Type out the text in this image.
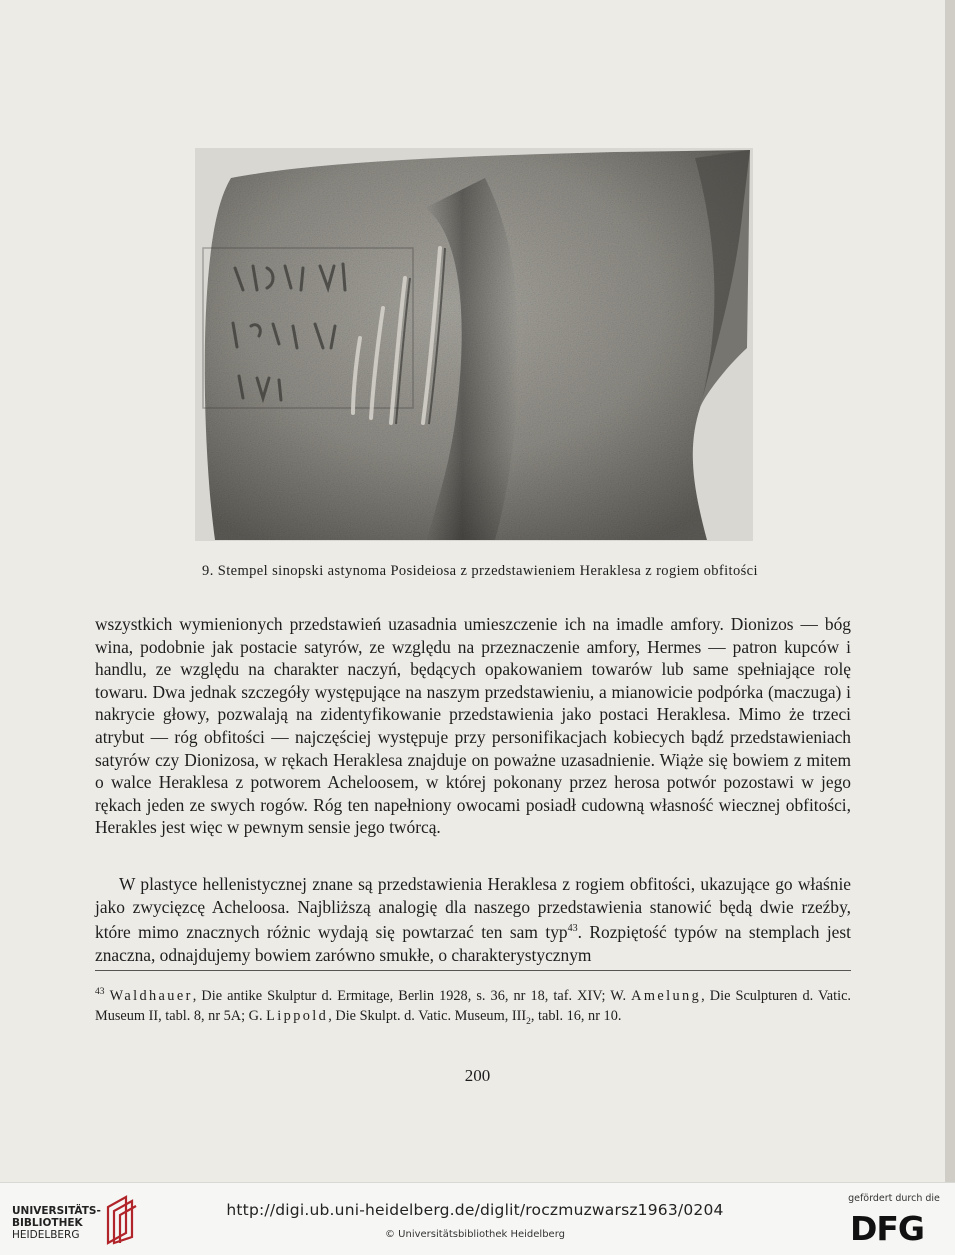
9. Stempel sinopski astynoma Posideiosa z przedstawieniem Heraklesa z rogiem obfitości

wszystkich wymienionych przedstawień uzasadnia umieszczenie ich na imadle amfory. Dionizos — bóg wina, podobnie jak postacie satyrów, ze względu na przeznaczenie amfory, Hermes — patron kupców i handlu, ze względu na charakter naczyń, będących opakowaniem towarów lub same spełniające rolę towaru. Dwa jednak szczegóły występujące na naszym przedstawieniu, a mianowicie podpórka (maczuga) i nakrycie głowy, pozwalają na zidentyfikowanie przedstawienia jako postaci Heraklesa. Mimo że trzeci atrybut — róg obfitości — najczęściej występuje przy personifikacjach kobiecych bądź przedstawieniach satyrów czy Dionizosa, w rękach Heraklesa znajduje on poważne uzasadnienie. Wiąże się bowiem z mitem o walce Heraklesa z potworem Acheloosem, w której pokonany przez herosa potwór pozostawi w jego rękach jeden ze swych rogów. Róg ten napełniony owocami posiadł cudowną własność wiecznej obfitości, Herakles jest więc w pewnym sensie jego twórcą.

W plastyce hellenistycznej znane są przedstawienia Heraklesa z rogiem obfitości, ukazujące go właśnie jako zwycięzcę Acheloosa. Najbliższą analogię dla naszego przedstawienia stanowić będą dwie rzeźby, które mimo znacznych różnic wydają się powtarzać ten sam typ$^{43}$. Rozpiętość typów na stemplach jest znaczna, odnajdujemy bowiem zarówno smukłe, o charakterystycznym

$^{43}$ Waldhauer, Die antike Skulptur d. Ermitage, Berlin 1928, s. 36, nr 18, taf. XIV; W. Amelung, Die Sculpturen d. Vatic. Museum II, tabl. 8, nr 5A; G. Lippold, Die Skulpt. d. Vatic. Museum, $III_2$, tabl. 16, nr 10.

200
UNIVERSITÄTS-
BIBLIOTHEK
HEIDELBERG
http://digi.ub.uni-heidelberg.de/diglit/roczmuzwarsz1963/0204
© Universitätsbibliothek Heidelberg
gefördert durch die
DFG
